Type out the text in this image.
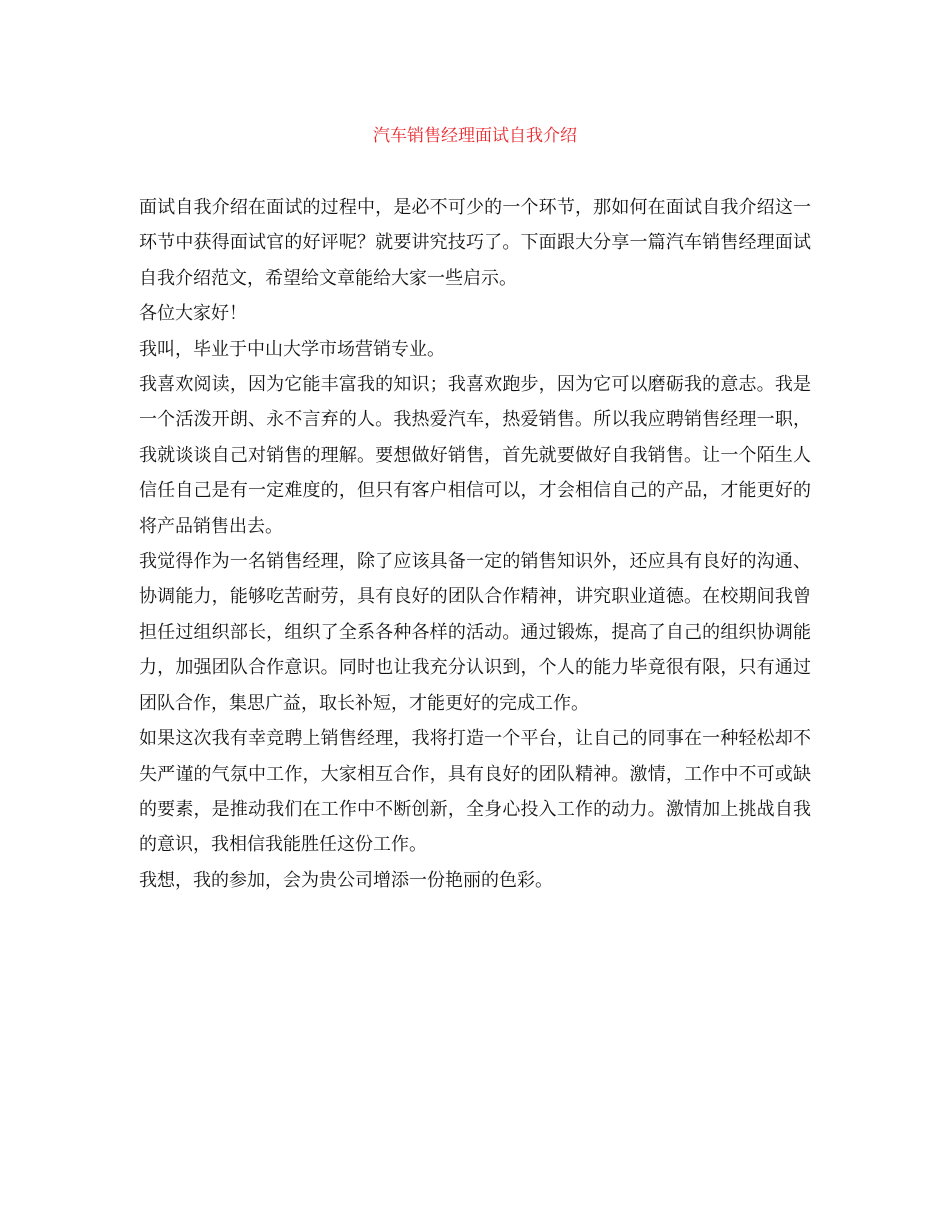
汽车销售经理面试自我介绍

面试自我介绍在面试的过程中，是必不可少的一个环节，那如何在面试自我介绍这一环节中获得面试官的好评呢？就要讲究技巧了。下面跟大分享一篇汽车销售经理面试自我介绍范文，希望给文章能给大家一些启示。

各位大家好！

我叫，毕业于中山大学市场营销专业。

我喜欢阅读，因为它能丰富我的知识；我喜欢跑步，因为它可以磨砺我的意志。我是一个活泼开朗、永不言弃的人。我热爱汽车，热爱销售。所以我应聘销售经理一职，我就谈谈自己对销售的理解。要想做好销售，首先就要做好自我销售。让一个陌生人信任自己是有一定难度的，但只有客户相信可以，才会相信自己的产品，才能更好的将产品销售出去。

我觉得作为一名销售经理，除了应该具备一定的销售知识外，还应具有良好的沟通、协调能力，能够吃苦耐劳，具有良好的团队合作精神，讲究职业道德。在校期间我曾担任过组织部长，组织了全系各种各样的活动。通过锻炼，提高了自己的组织协调能力，加强团队合作意识。同时也让我充分认识到，个人的能力毕竟很有限，只有通过团队合作，集思广益，取长补短，才能更好的完成工作。

如果这次我有幸竞聘上销售经理，我将打造一个平台，让自己的同事在一种轻松却不失严谨的气氛中工作，大家相互合作，具有良好的团队精神。激情，工作中不可或缺的要素，是推动我们在工作中不断创新，全身心投入工作的动力。激情加上挑战自我的意识，我相信我能胜任这份工作。

我想，我的参加，会为贵公司增添一份艳丽的色彩。
